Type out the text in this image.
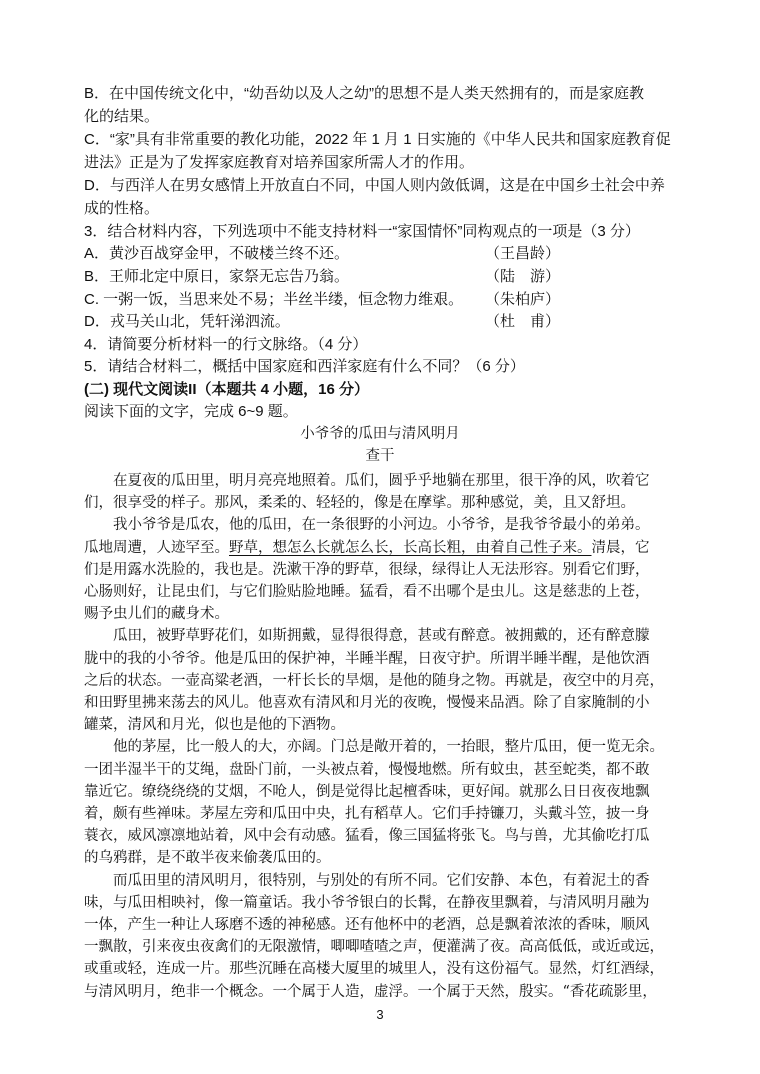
B．在中国传统文化中，“幼吾幼以及人之幼”的思想不是人类天然拥有的，而是家庭教
化的结果。
C．“家”具有非常重要的教化功能，2022 年 1 月 1 日实施的《中华人民共和国家庭教育促
进法》正是为了发挥家庭教育对培养国家所需人才的作用。
D．与西洋人在男女感情上开放直白不同，中国人则内敛低调，这是在中国乡土社会中养
成的性格。
3．结合材料内容，下列选项中不能支持材料一“家国情怀”同构观点的一项是（3 分）
A．黄沙百战穿金甲，不破楼兰终不还。	（王昌龄）
B．王师北定中原日，家祭无忘告乃翁。	（陆　游）
C. 一粥一饭，当思来处不易；半丝半缕，恒念物力维艰。 （朱柏庐）
D．戎马关山北，凭轩涕泗流。	（杜　甫）
4．请简要分析材料一的行文脉络。（4 分）
5．请结合材料二，概括中国家庭和西洋家庭有什么不同？（6 分）
(二) 现代文阅读II（本题共 4 小题，16 分）
阅读下面的文字，完成 6~9 题。
小爷爷的瓜田与清风明月
查干
　　在夏夜的瓜田里，明月亮亮地照着。瓜们，圆乎乎地躺在那里，很干净的风，吹着它
们，很享受的样子。那风，柔柔的、轻轻的，像是在摩挲。那种感觉，美，且又舒坦。
　　我小爷爷是瓜农，他的瓜田，在一条很野的小河边。小爷爷，是我爷爷最小的弟弟。
瓜地周遭，人迹罕至。野草，想怎么长就怎么长，长高长粗，由着自己性子来。清晨，它
们是用露水洗脸的，我也是。洗漱干净的野草，很绿，绿得让人无法形容。别看它们野，
心肠则好，让昆虫们，与它们脸贴脸地睡。猛看，看不出哪个是虫儿。这是慈悲的上苍，
赐予虫儿们的藏身术。
　　瓜田，被野草野花们，如斯拥戴，显得很得意，甚或有醉意。被拥戴的，还有醉意朦
胧中的我的小爷爷。他是瓜田的保护神，半睡半醒，日夜守护。所谓半睡半醒，是他饮酒
之后的状态。一壶高粱老酒，一杆长长的旱烟，是他的随身之物。再就是，夜空中的月亮，
和田野里拂来荡去的风儿。他喜欢有清风和月光的夜晚，慢慢来品酒。除了自家腌制的小
罐菜，清风和月光，似也是他的下酒物。
　　他的茅屋，比一般人的大，亦阔。门总是敞开着的，一抬眼，整片瓜田，便一览无余。
一团半湿半干的艾绳，盘卧门前，一头被点着，慢慢地燃。所有蚊虫，甚至蛇类，都不敢
靠近它。缭绕绕绕的艾烟，不呛人，倒是觉得比起檀香味，更好闻。就那么日日夜夜地飘
着，颇有些禅味。茅屋左旁和瓜田中央，扎有稻草人。它们手持镰刀，头戴斗笠，披一身
蓑衣，威风凛凛地站着，风中会有动感。猛看，像三国猛将张飞。鸟与兽，尤其偷吃打瓜
的乌鸦群，是不敢半夜来偷袭瓜田的。
　　而瓜田里的清风明月，很特别，与别处的有所不同。它们安静、本色，有着泥土的香
味，与瓜田相映衬，像一篇童话。我小爷爷银白的长髯，在静夜里飘着，与清风明月融为
一体，产生一种让人琢磨不透的神秘感。还有他杯中的老酒，总是飘着浓浓的香味，顺风
一飘散，引来夜虫夜禽们的无限激情，唧唧喳喳之声，便灌满了夜。高高低低，或近或远，
3
或重或轻，连成一片。那些沉睡在高楼大厦里的城里人，没有这份福气。显然，灯红酒绿，
与清风明月，绝非一个概念。一个属于人造，虚浮。一个属于天然，殷实。“香花疏影里，
